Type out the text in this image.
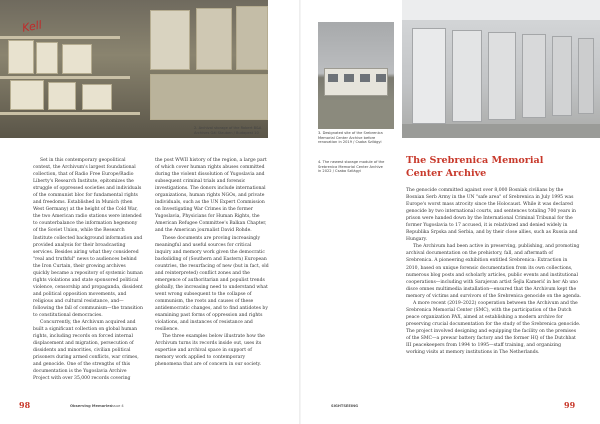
Kell
2. Archival storage of the Robert B&A Archives Gál Stauben / Budapest 10

Set in this contemporary geopolitical context, the Archivum's largest foundational collection, that of Radio Free Europe/Radio Liberty's Research Institute, epitomizes the struggle of oppressed societies and individuals of the communist bloc for fundamental rights and freedoms. Established in Munich (then West Germany) at the height of the Cold War, the two American radio stations were intended to counterbalance the information hegemony of the Soviet Union, while the Research Institute collected background information and provided analysis for their broadcasting services. Besides airing what they considered "real and truthful" news to audiences behind the Iron Curtain, their growing archives quickly became a repository of systemic human rights violations and state sponsored political violence, censorship and propaganda, dissident and political opposition movements, and religious and cultural resistance, and—following the fall of communism—the transition to constitutional democracies.

Concurrently, the Archivum acquired and built a significant collection on global human rights, including records on forced internal displacement and migration, persecution of dissidents and minorities, civilian political prisoners during armed conflicts, war crimes, and genocide. One of the strengths of this documentation is the Yugoslavia Archive Project with over 35,000 records covering

the post WWII history of the region, a large part of which cover human rights abuses committed during the violent dissolution of Yugoslavia and subsequent criminal trials and forensic investigations. The donors include international organizations, human rights NGOs, and private individuals, such as the UN Expert Commission on Investigating War Crimes in the former Yugoslavia, Physicians for Human Rights, the American Refugee Committee's Balkan Chapter, and the American journalist David Rohde.

These documents are proving increasingly meaningful and useful sources for critical inquiry and memory work given the democratic backsliding of (Southern and Eastern) European countries, the resurfacing of new (but in fact, old and reinterpreted) conflict zones and the emergence of authoritarian and populist trends globally, the increasing need to understand what went wrong subsequent to the collapse of communism, the roots and causes of these antidemocratic changes, and to find antidotes by examining past forms of oppression and rights violations, and instances of resistance and resilience.

The three examples below illustrate how the Archivum turns its records inside out, uses its expertise and archival space in support of memory work applied to contemporary phenomena that are of concern in our society.

98	Observing Memories Issue 4
3. Designated site of the Srebrenica Memorial Center Archive before renovation in 2019 / Csaba Szilágyi
4. The newest storage module of the Srebrenica Memorial Center Archive in 2022 / Csaba Szilágyi
The Srebrenica Memorial Center Archive

The genocide committed against over 8,000 Bosniak civilians by the Bosnian Serb Army in the UN "safe area" of Srebrenica in July 1995 was Europe's worst mass atrocity since the Holocaust. While it was declared genocide by two international courts, and sentences totaling 700 years in prison were handed down by the International Criminal Tribunal for the former Yugoslavia to 17 accused, it is relativized and denied widely in Republika Srpska and Serbia, and by their close allies, such as Russia and Hungary.

The Archivum had been active in preserving, publishing, and promoting archival documentation on the prehistory, fall, and aftermath of Srebrenica. A pioneering exhibition entitled Srebrenica: Extraction in 2010, based on unique forensic documentation from its own collections, numerous blog posts and scholarly articles, public events and institutional cooperations—including with Sarajevan artist Šejla Kamerić in her Ab uno disce omnes multimedia installation—ensured that the Archivum kept the memory of victims and survivors of the Srebrenica genocide on the agenda.

A more recent (2019–2022) cooperation between the Archivum and the Srebrenica Memorial Center (SMC), with the participation of the Dutch peace organization PAX, aimed at establishing a modern archive for preserving crucial documentation for the study of the Srebrenica genocide. The project involved designing and equipping the facility on the premises of the SMC—a prewar battery factory and the former HQ of the Dutchbat III peacekeepers from 1994 to 1995—staff training, and organizing working visits at memory institutions in The Netherlands.

SIGHTSEEING	99
